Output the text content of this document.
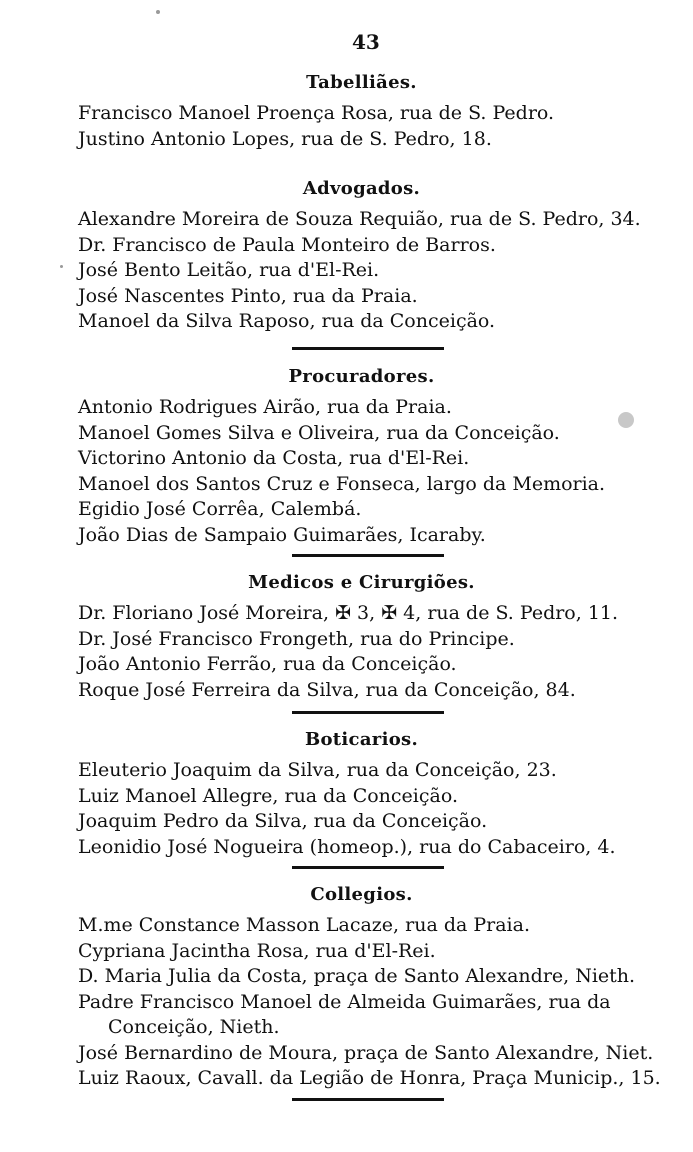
43
Tabelliães.
Francisco Manoel Proença Rosa, rua de S. Pedro.
Justino Antonio Lopes, rua de S. Pedro, 18.
Advogados.
Alexandre Moreira de Souza Requião, rua de S. Pedro, 34.
Dr. Francisco de Paula Monteiro de Barros.
José Bento Leitão, rua d'El-Rei.
José Nascentes Pinto, rua da Praia.
Manoel da Silva Raposo, rua da Conceição.
Procuradores.
Antonio Rodrigues Airão, rua da Praia.
Manoel Gomes Silva e Oliveira, rua da Conceição.
Victorino Antonio da Costa, rua d'El-Rei.
Manoel dos Santos Cruz e Fonseca, largo da Memoria.
Egidio José Corrêa, Calembá.
João Dias de Sampaio Guimarães, Icaraby.
Medicos e Cirurgiões.
Dr. Floriano José Moreira, ✠ 3, ✠ 4, rua de S. Pedro, 11.
Dr. José Francisco Frongeth, rua do Principe.
João Antonio Ferrão, rua da Conceição.
Roque José Ferreira da Silva, rua da Conceição, 84.
Boticarios.
Eleuterio Joaquim da Silva, rua da Conceição, 23.
Luiz Manoel Allegre, rua da Conceição.
Joaquim Pedro da Silva, rua da Conceição.
Leonidio José Nogueira (homeop.), rua do Cabaceiro, 4.
Collegios.
M.me Constance Masson Lacaze, rua da Praia.
Cypriana Jacintha Rosa, rua d'El-Rei.
D. Maria Julia da Costa, praça de Santo Alexandre, Nieth.
Padre Francisco Manoel de Almeida Guimarães, rua da
Conceição, Nieth.
José Bernardino de Moura, praça de Santo Alexandre, Niet.
Luiz Raoux, Cavall. da Legião de Honra, Praça Municip., 15.
